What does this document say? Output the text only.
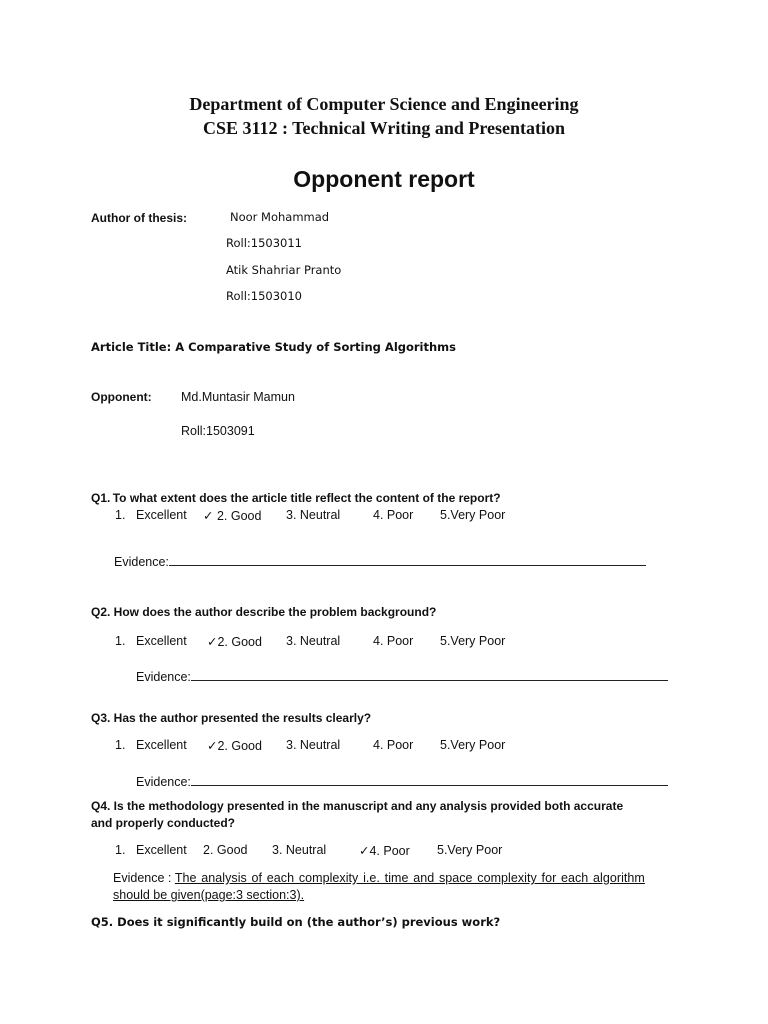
Department of Computer Science and Engineering
CSE 3112 : Technical Writing and Presentation
Opponent report
Author of thesis:	Noor Mohammad
Roll:1503011
Atik Shahriar Pranto
Roll:1503010
Article Title: A Comparative Study of Sorting Algorithms
Opponent: Md.Muntasir Mamun
Roll:1503091
Q1. To what extent does the article title reflect the content of the report?
1. Excellent ✓ 2. Good 3. Neutral	4. Poor 5.Very Poor
Evidence:
Q2. How does the author describe the problem background?
1. Excellent ✓2. Good 3. Neutral	4. Poor 5.Very Poor
Evidence:
Q3. Has the author presented the results clearly?
1. Excellent ✓2. Good 3. Neutral	4. Poor 5.Very Poor
Evidence:
Q4. Is the methodology presented in the manuscript and any analysis provided both accurate
and properly conducted?
1. Excellent 2. Good 3. Neutral	✓4. Poor 5.Very Poor
Evidence : The analysis of each complexity i.e. time and space complexity for each algorithm
should be given(page:3 section:3).
Q5. Does it significantly build on (the author’s) previous work?
